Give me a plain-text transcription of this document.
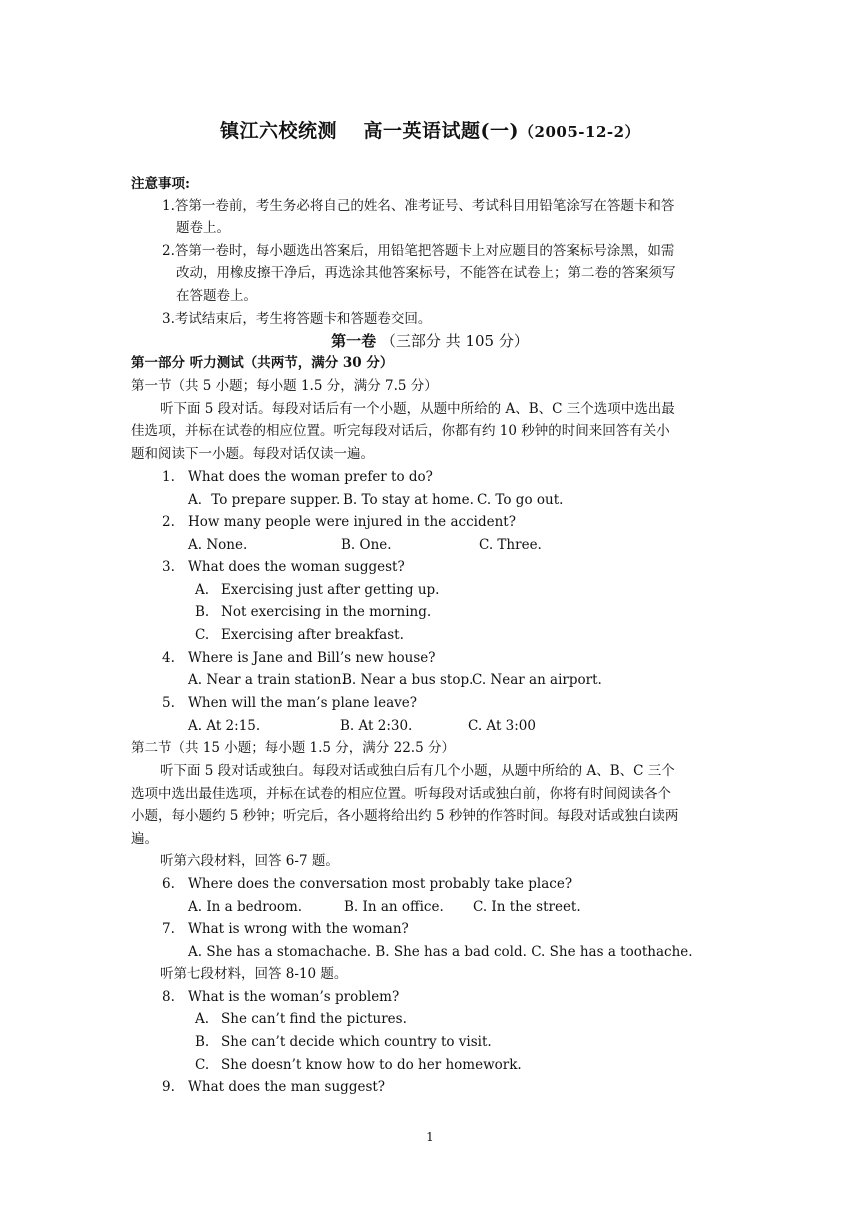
镇江六校统测　 高一英语试题(一)（2005-12-2）
注意事项:
1.答第一卷前，考生务必将自己的姓名、准考证号、考试科目用铅笔涂写在答题卡和答
题卷上。
2.答第一卷时，每小题选出答案后，用铅笔把答题卡上对应题目的答案标号涂黑，如需
改动，用橡皮擦干净后，再选涂其他答案标号，不能答在试卷上；第二卷的答案须写
在答题卷上。
3.考试结束后，考生将答题卡和答题卷交回。
第一卷 （三部分 共 105 分）
第一部分 听力测试（共两节，满分 30 分）
第一节（共 5 小题；每小题 1.5 分，满分 7.5 分）
听下面 5 段对话。每段对话后有一个小题，从题中所给的 A、B、C 三个选项中选出最
佳选项，并标在试卷的相应位置。听完每段对话后，你都有约 10 秒钟的时间来回答有关小
题和阅读下一小题。每段对话仅读一遍。
1. What does the woman prefer to do?
A．To prepare supper. B. To stay at home. C. To go out.
2. How many people were injured in the accident?
A. None.	B. One.	C. Three.
3. What does the woman suggest?
A. Exercising just after getting up.
B. Not exercising in the morning.
C. Exercising after breakfast.
4. Where is Jane and Bill’s new house?
A. Near a train station.
B. Near a bus stop.
C. Near an airport.
5. When will the man’s plane leave?
A. At 2:15.	B. At 2:30.	C. At 3:00
第二节（共 15 小题；每小题 1.5 分，满分 22.5 分）
听下面 5 段对话或独白。每段对话或独白后有几个小题，从题中所给的 A、B、C 三个
选项中选出最佳选项，并标在试卷的相应位置。听每段对话或独白前，你将有时间阅读各个
小题，每小题约 5 秒钟；听完后，各小题将给出约 5 秒钟的作答时间。每段对话或独白读两
遍。
听第六段材料，回答 6-7 题。
6. Where does the conversation most probably take place?
A. In a bedroom.	B. In an office. C. In the street.
7. What is wrong with the woman?
A. She has a stomachache. B. She has a bad cold. C. She has a toothache.
听第七段材料，回答 8-10 题。
8. What is the woman’s problem?
A. She can’t find the pictures.
B. She can’t decide which country to visit.
C. She doesn’t know how to do her homework.
9. What does the man suggest?
1
